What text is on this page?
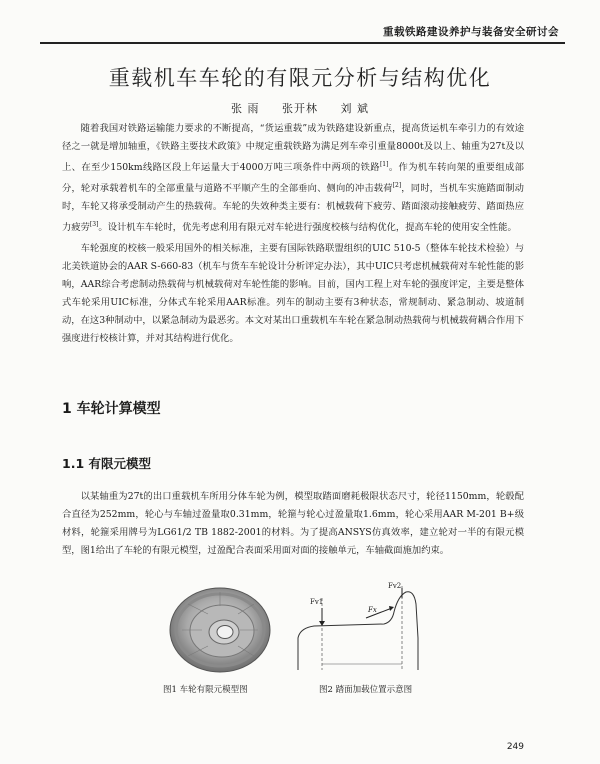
重载铁路建设养护与装备安全研讨会
重载机车车轮的有限元分析与结构优化
张 雨 张开林 刘 斌

随着我国对铁路运输能力要求的不断提高，“货运重载”成为铁路建设新重点，提高货运机车牵引力的有效途径之一就是增加轴重，《铁路主要技术政策》中规定重载铁路为满足列车牵引重量8000t及以上、轴重为27t及以上、在至少150km线路区段上年运量大于4000万吨三项条件中两项的铁路[1]。作为机车转向架的重要组成部分，轮对承载着机车的全部重量与道路不平顺产生的全部垂向、侧向的冲击载荷[2]，同时，当机车实施踏面制动时，车轮又将承受制动产生的热载荷。车轮的失效种类主要有：机械载荷下疲劳、踏面滚动接触疲劳、踏面热应力疲劳[3]。设计机车车轮时，优先考虑利用有限元对车轮进行强度校核与结构优化，提高车轮的使用安全性能。

车轮强度的校核一般采用国外的相关标准，主要有国际铁路联盟组织的UIC 510-5（整体车轮技术检验）与北美铁道协会的AAR S-660-83（机车与货车车轮设计分析评定办法），其中UIC只考虑机械载荷对车轮性能的影响，AAR综合考虑制动热载荷与机械载荷对车轮性能的影响。目前，国内工程上对车轮的强度评定，主要是整体式车轮采用UIC标准，分体式车轮采用AAR标准。列车的制动主要有3种状态，常规制动、紧急制动、坡道制动，在这3种制动中，以紧急制动为最恶劣。本文对某出口重载机车车轮在紧急制动热载荷与机械载荷耦合作用下强度进行校核计算，并对其结构进行优化。

1 车轮计算模型
1.1 有限元模型

以某轴重为27t的出口重载机车所用分体车轮为例，模型取踏面磨耗极限状态尺寸，轮径1150mm，轮毂配合直径为252mm，轮心与车轴过盈量取0.31mm，轮箍与轮心过盈量取1.6mm，轮心采用AAR M-201 B+级材料，轮箍采用牌号为LG61/2 TB 1882-2001的材料。为了提高ANSYS仿真效率，建立轮对一半的有限元模型，图1给出了车轮的有限元模型，过盈配合表面采用面对面的接触单元，车轴截面施加约束。

图1 车轮有限元模型图
Fv1
Fx
Fv2
图2 踏面加载位置示意图
249
